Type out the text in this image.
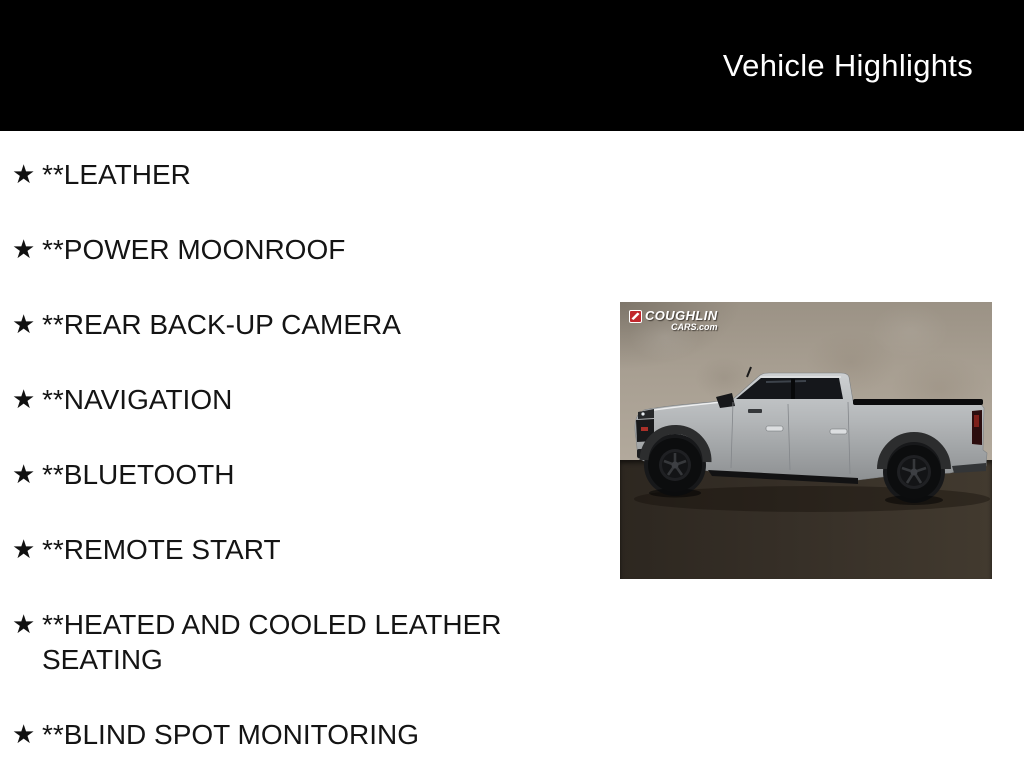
Vehicle Highlights
★ **LEATHER
★ **POWER MOONROOF
★ **REAR BACK-UP CAMERA
★ **NAVIGATION
★ **BLUETOOTH
★ **REMOTE START
★ **HEATED AND COOLED LEATHER SEATING
★ **BLIND SPOT MONITORING
COUGHLIN
CARS.com
